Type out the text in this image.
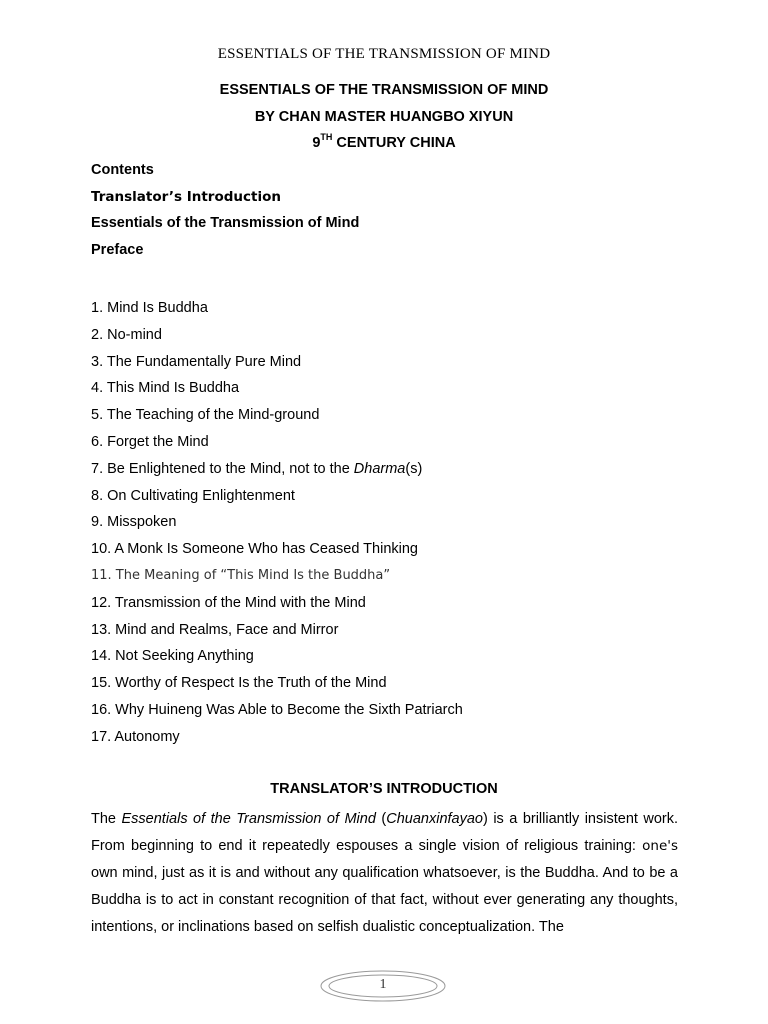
ESSENTIALS OF THE TRANSMISSION OF MIND
ESSENTIALS OF THE TRANSMISSION OF MIND
BY CHAN MASTER HUANGBO XIYUN
9TH CENTURY CHINA
Contents
Translator’s Introduction
Essentials of the Transmission of Mind
Preface
1. Mind Is Buddha
2. No-mind
3. The Fundamentally Pure Mind
4. This Mind Is Buddha
5. The Teaching of the Mind-ground
6. Forget the Mind
7. Be Enlightened to the Mind, not to the Dharma(s)
8. On Cultivating Enlightenment
9. Misspoken
10. A Monk Is Someone Who has Ceased Thinking
11. The Meaning of “This Mind Is the Buddha”
12. Transmission of the Mind with the Mind
13. Mind and Realms, Face and Mirror
14. Not Seeking Anything
15. Worthy of Respect Is the Truth of the Mind
16. Why Huineng Was Able to Become the Sixth Patriarch
17. Autonomy
TRANSLATOR’S INTRODUCTION

The Essentials of the Transmission of Mind (Chuanxinfayao) is a brilliantly insistent work. From beginning to end it repeatedly espouses a single vision of religious training: one's own mind, just as it is and without any qualification whatsoever, is the Buddha. And to be a Buddha is to act in constant recognition of that fact, without ever generating any thoughts, intentions, or inclinations based on selfish dualistic conceptualization. The

1
